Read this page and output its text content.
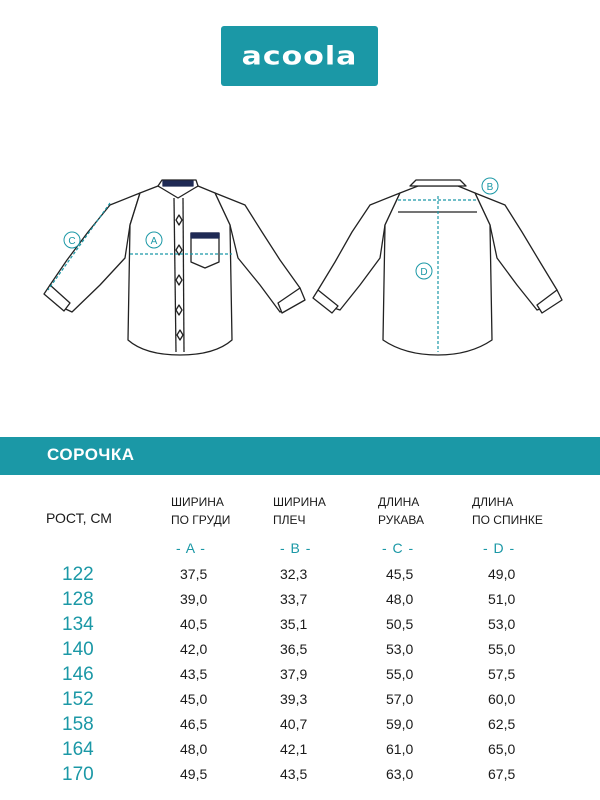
acoola
A
C
B
D
СОРОЧКА
РОСТ, СМ
ШИРИНА
ПО ГРУДИ
ШИРИНА
ПЛЕЧ
ДЛИНА
РУКАВА
ДЛИНА
ПО СПИНКЕ
- A -	- B -	- C -	- D -
122	37,5	32,3	45,5	49,0
128	39,0	33,7	48,0	51,0
134	40,5	35,1	50,5	53,0
140	42,0	36,5	53,0	55,0
146	43,5	37,9	55,0	57,5
152	45,0	39,3	57,0	60,0
158	46,5	40,7	59,0	62,5
164	48,0	42,1	61,0	65,0
170	49,5	43,5	63,0	67,5
